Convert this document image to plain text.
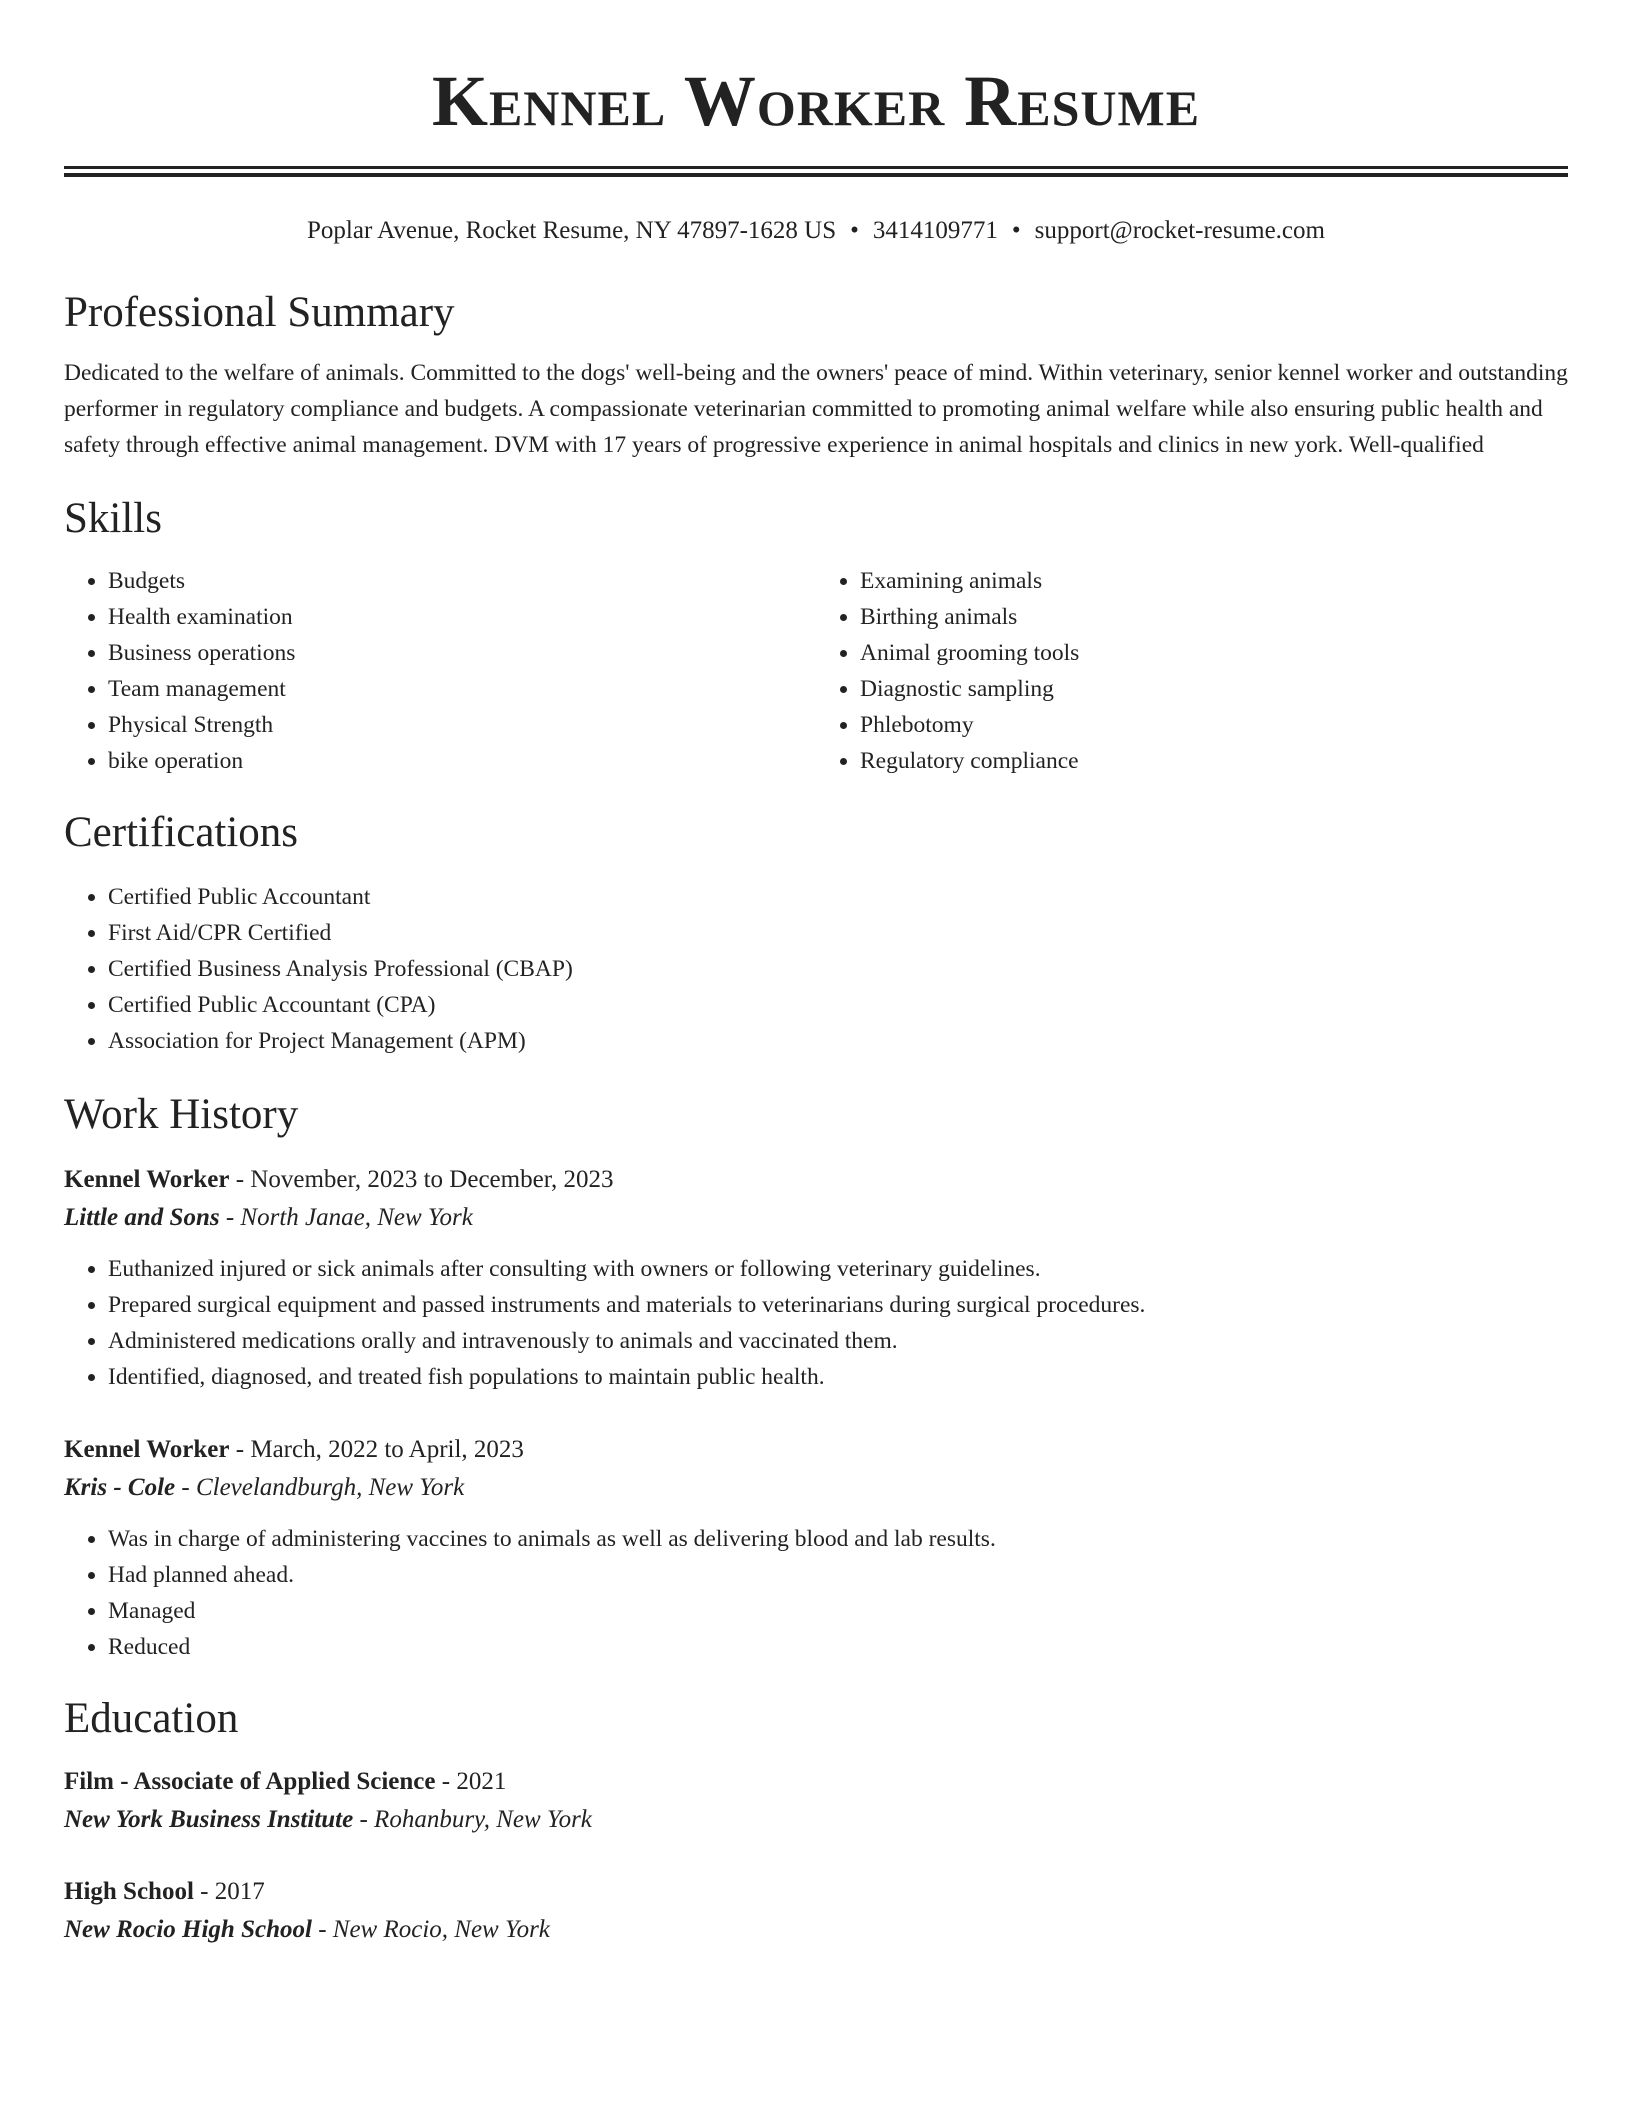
Kennel Worker Resume
Poplar Avenue, Rocket Resume, NY 47897-1628 US • 3414109771 • support@rocket-resume.com
Professional Summary

Dedicated to the welfare of animals. Committed to the dogs' well-being and the owners' peace of mind. Within veterinary, senior kennel worker and outstanding performer in regulatory compliance and budgets. A compassionate veterinarian committed to promoting animal welfare while also ensuring public health and safety through effective animal management. DVM with 17 years of progressive experience in animal hospitals and clinics in new york. Well-qualified

Skills
• Budgets
• Health examination
• Business operations
• Team management
• Physical Strength
• bike operation
• Examining animals
• Birthing animals
• Animal grooming tools
• Diagnostic sampling
• Phlebotomy
• Regulatory compliance
Certifications
• Certified Public Accountant
• First Aid/CPR Certified
• Certified Business Analysis Professional (CBAP)
• Certified Public Accountant (CPA)
• Association for Project Management (APM)
Work History
Kennel Worker - November, 2023 to December, 2023
Little and Sons - North Janae, New York
• Euthanized injured or sick animals after consulting with owners or following veterinary guidelines.
• Prepared surgical equipment and passed instruments and materials to veterinarians during surgical procedures.
• Administered medications orally and intravenously to animals and vaccinated them.
• Identified, diagnosed, and treated fish populations to maintain public health.
Kennel Worker - March, 2022 to April, 2023
Kris - Cole - Clevelandburgh, New York
• Was in charge of administering vaccines to animals as well as delivering blood and lab results.
• Had planned ahead.
• Managed
• Reduced
Education
Film - Associate of Applied Science - 2021
New York Business Institute - Rohanbury, New York
High School - 2017
New Rocio High School - New Rocio, New York
